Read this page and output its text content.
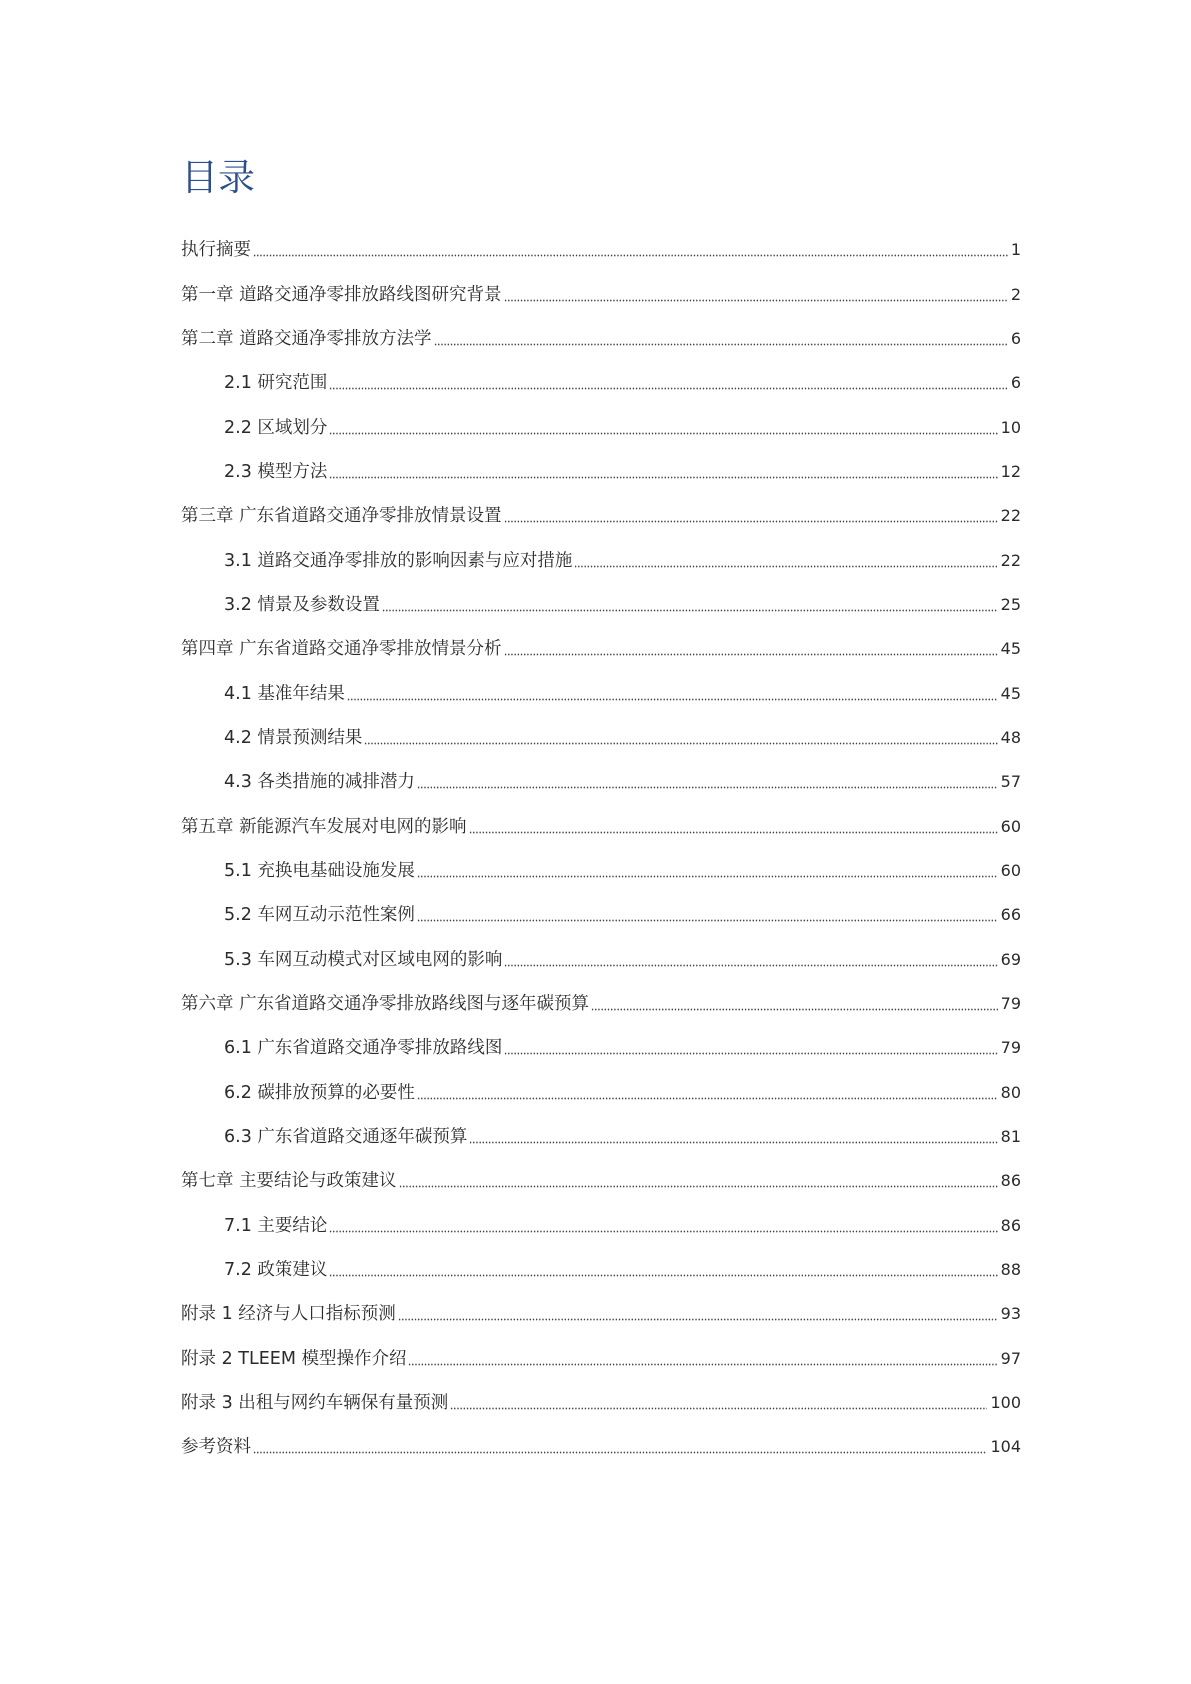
目录
执行摘要	1
第一章 道路交通净零排放路线图研究背景	2
第二章 道路交通净零排放方法学	6
2.1 研究范围	6
2.2 区域划分	10
2.3 模型方法	12
第三章 广东省道路交通净零排放情景设置	22
3.1 道路交通净零排放的影响因素与应对措施	22
3.2 情景及参数设置	25
第四章 广东省道路交通净零排放情景分析	45
4.1 基准年结果	45
4.2 情景预测结果	48
4.3 各类措施的减排潜力	57
第五章 新能源汽车发展对电网的影响	60
5.1 充换电基础设施发展	60
5.2 车网互动示范性案例	66
5.3 车网互动模式对区域电网的影响	69
第六章 广东省道路交通净零排放路线图与逐年碳预算	79
6.1 广东省道路交通净零排放路线图	79
6.2 碳排放预算的必要性	80
6.3 广东省道路交通逐年碳预算	81
第七章 主要结论与政策建议	86
7.1 主要结论	86
7.2 政策建议	88
附录 1 经济与人口指标预测	93
附录 2 TLEEM 模型操作介绍	97
附录 3 出租与网约车辆保有量预测	100
参考资料	104
